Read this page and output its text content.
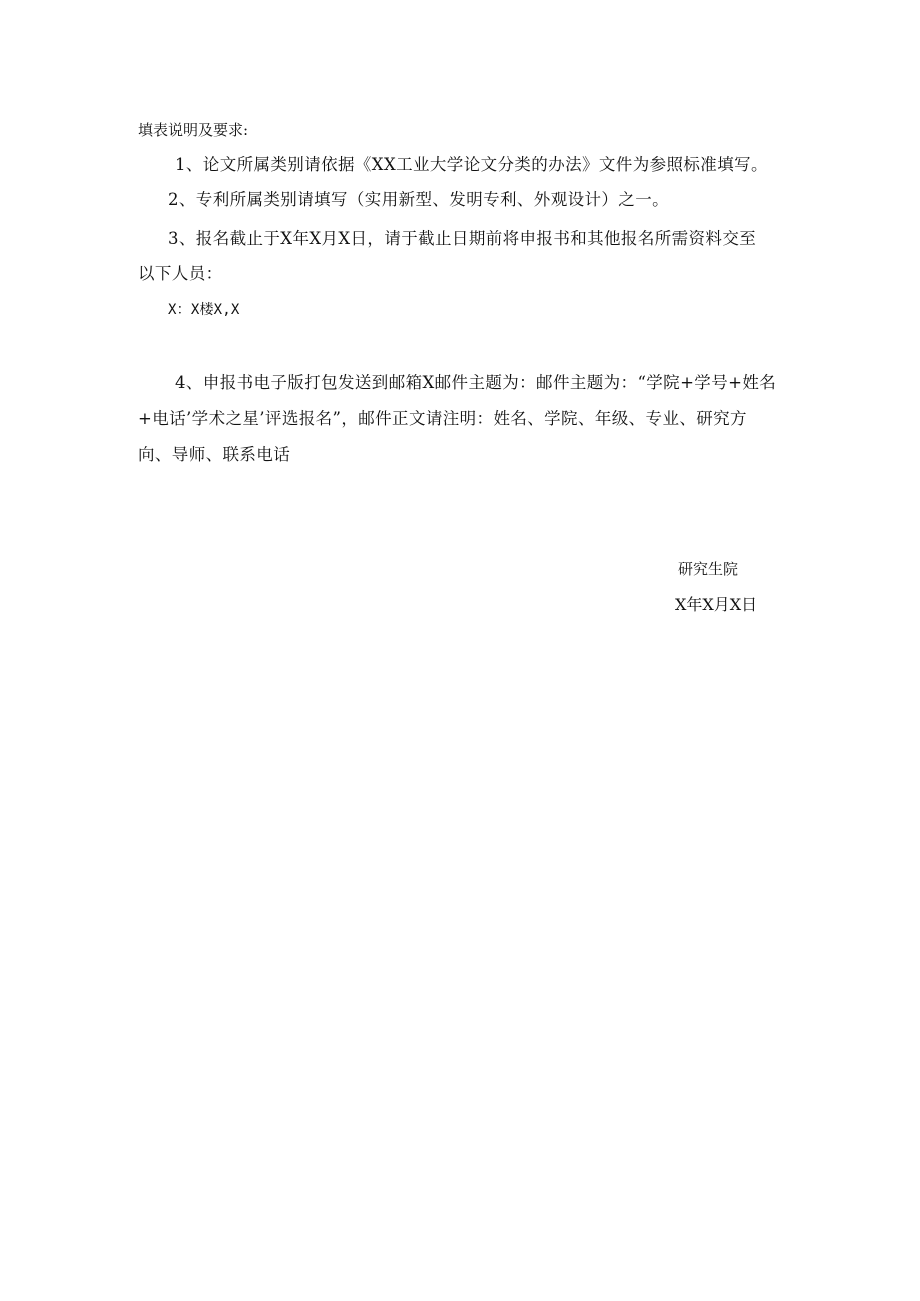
填表说明及要求:
1、论文所属类别请依据《XX工业大学论文分类的办法》文件为参照标准填写。
2、专利所属类别请填写（实用新型、发明专利、外观设计）之一。
3、报名截止于X年X月X日，请于截止日期前将申报书和其他报名所需资料交至
以下人员：
X：X楼X,X
4、申报书电子版打包发送到邮箱X邮件主题为：邮件主题为：“学院+学号+姓名
+电话’学术之星’评选报名”，邮件正文请注明：姓名、学院、年级、专业、研究方
向、导师、联系电话
研究生院
X年X月X日
